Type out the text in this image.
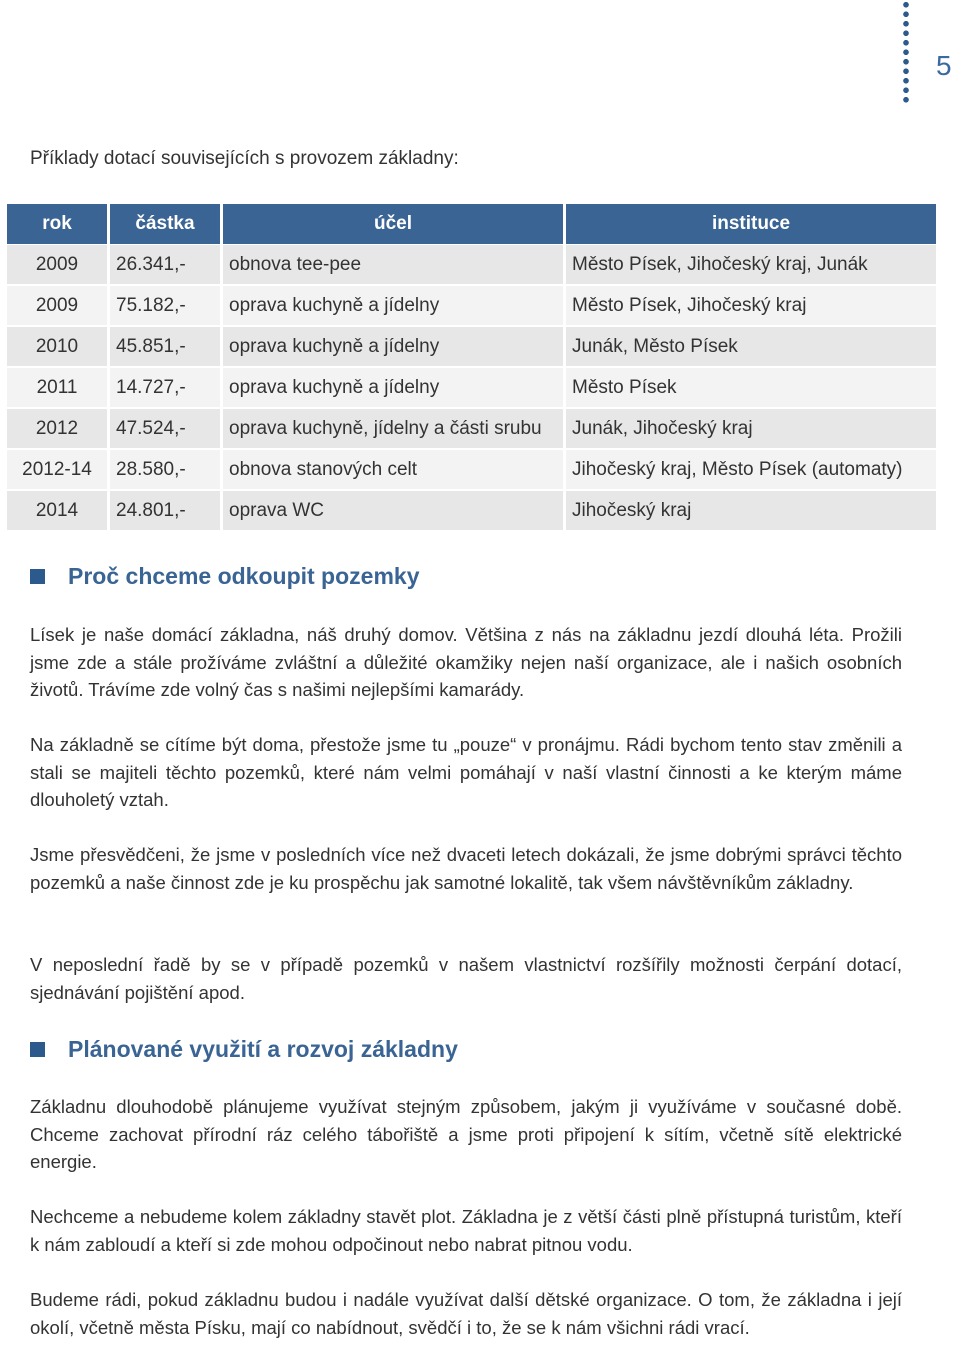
5
Příklady dotací souvisejících s provozem základny:
rok	částka	účel	instituce
2009	26.341,-	obnova tee-pee	Město Písek, Jihočeský kraj, Junák
2009	75.182,-	oprava kuchyně a jídelny	Město Písek, Jihočeský kraj
2010	45.851,-	oprava kuchyně a jídelny	Junák, Město Písek
2011	14.727,-	oprava kuchyně a jídelny	Město Písek
2012	47.524,-	oprava kuchyně, jídelny a části srubu	Junák, Jihočeský kraj
2012-14	28.580,-	obnova stanových celt	Jihočeský kraj, Město Písek (automaty)
2014	24.801,-	oprava WC	Jihočeský kraj
Proč chceme odkoupit pozemky

Lísek je naše domácí základna, náš druhý domov. Většina z nás na základnu jezdí dlouhá léta. Prožili jsme zde a stále prožíváme zvláštní a důležité okamžiky nejen naší organizace, ale i našich osobních životů. Trávíme zde volný čas s našimi nejlepšími kamarády.

Na základně se cítíme být doma, přestože jsme tu „pouze“ v pronájmu. Rádi bychom tento stav změnili a stali se majiteli těchto pozemků, které nám velmi pomáhají v naší vlastní činnosti a ke kterým máme dlouholetý vztah.

Jsme přesvědčeni, že jsme v posledních více než dvaceti letech dokázali, že jsme dobrými správci těchto pozemků a naše činnost zde je ku prospěchu jak samotné lokalitě, tak všem návštěvníkům základny.

V neposlední řadě by se v případě pozemků v našem vlastnictví rozšířily možnosti čerpání dotací, sjednávání pojištění apod.

Plánované využití a rozvoj základny

Základnu dlouhodobě plánujeme využívat stejným způsobem, jakým ji využíváme v současné době. Chceme zachovat přírodní ráz celého tábořiště a jsme proti připojení k sítím, včetně sítě elektrické energie.

Nechceme a nebudeme kolem základny stavět plot. Základna je z větší části plně přístupná turistům, kteří k nám zabloudí a kteří si zde mohou odpočinout nebo nabrat pitnou vodu.

Budeme rádi, pokud základnu budou i nadále využívat další dětské organizace. O tom, že základna i její okolí, včetně města Písku, mají co nabídnout, svědčí i to, že se k nám všichni rádi vrací.
